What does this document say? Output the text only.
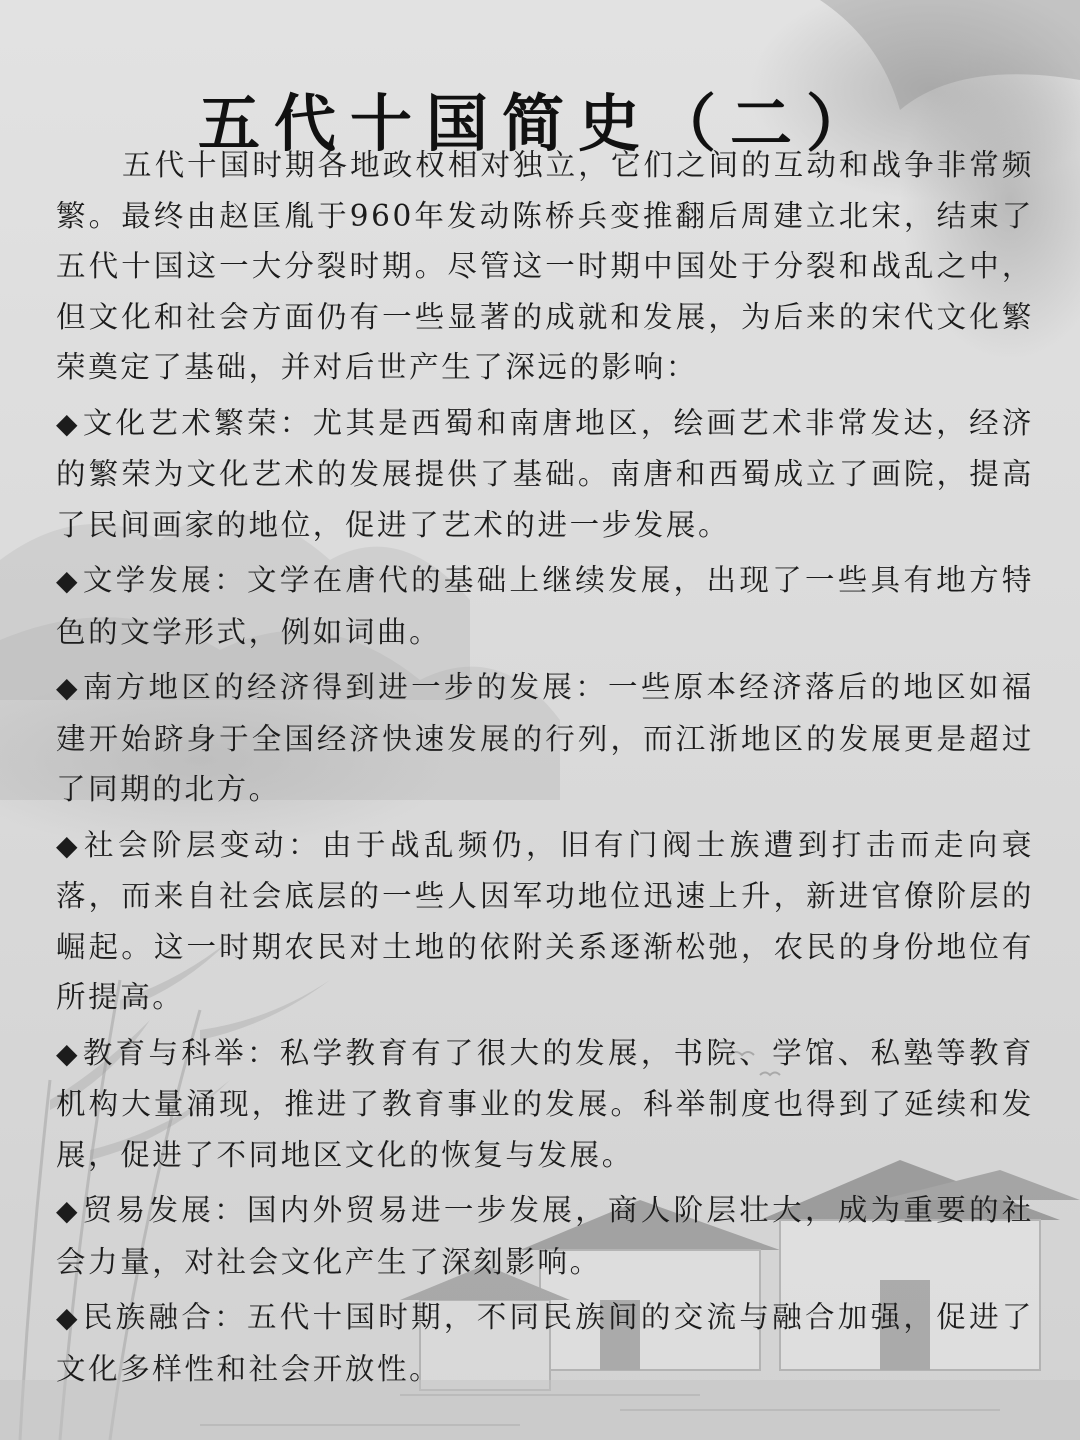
五代十国简史（二）

五代十国时期各地政权相对独立，它们之间的互动和战争非常频繁。最终由赵匡胤于960年发动陈桥兵变推翻后周建立北宋，结束了五代十国这一大分裂时期。尽管这一时期中国处于分裂和战乱之中，但文化和社会方面仍有一些显著的成就和发展，为后来的宋代文化繁荣奠定了基础，并对后世产生了深远的影响：

◆文化艺术繁荣：尤其是西蜀和南唐地区，绘画艺术非常发达，经济的繁荣为文化艺术的发展提供了基础。南唐和西蜀成立了画院，提高了民间画家的地位，促进了艺术的进一步发展。

◆文学发展：文学在唐代的基础上继续发展，出现了一些具有地方特色的文学形式，例如词曲。

◆南方地区的经济得到进一步的发展：一些原本经济落后的地区如福建开始跻身于全国经济快速发展的行列，而江浙地区的发展更是超过了同期的北方。

◆社会阶层变动：由于战乱频仍，旧有门阀士族遭到打击而走向衰落，而来自社会底层的一些人因军功地位迅速上升，新进官僚阶层的崛起。这一时期农民对土地的依附关系逐渐松弛，农民的身份地位有所提高。

◆教育与科举：私学教育有了很大的发展，书院、学馆、私塾等教育机构大量涌现，推进了教育事业的发展。科举制度也得到了延续和发展，促进了不同地区文化的恢复与发展。

◆贸易发展：国内外贸易进一步发展，商人阶层壮大，成为重要的社会力量，对社会文化产生了深刻影响。

◆民族融合：五代十国时期，不同民族间的交流与融合加强，促进了文化多样性和社会开放性。
